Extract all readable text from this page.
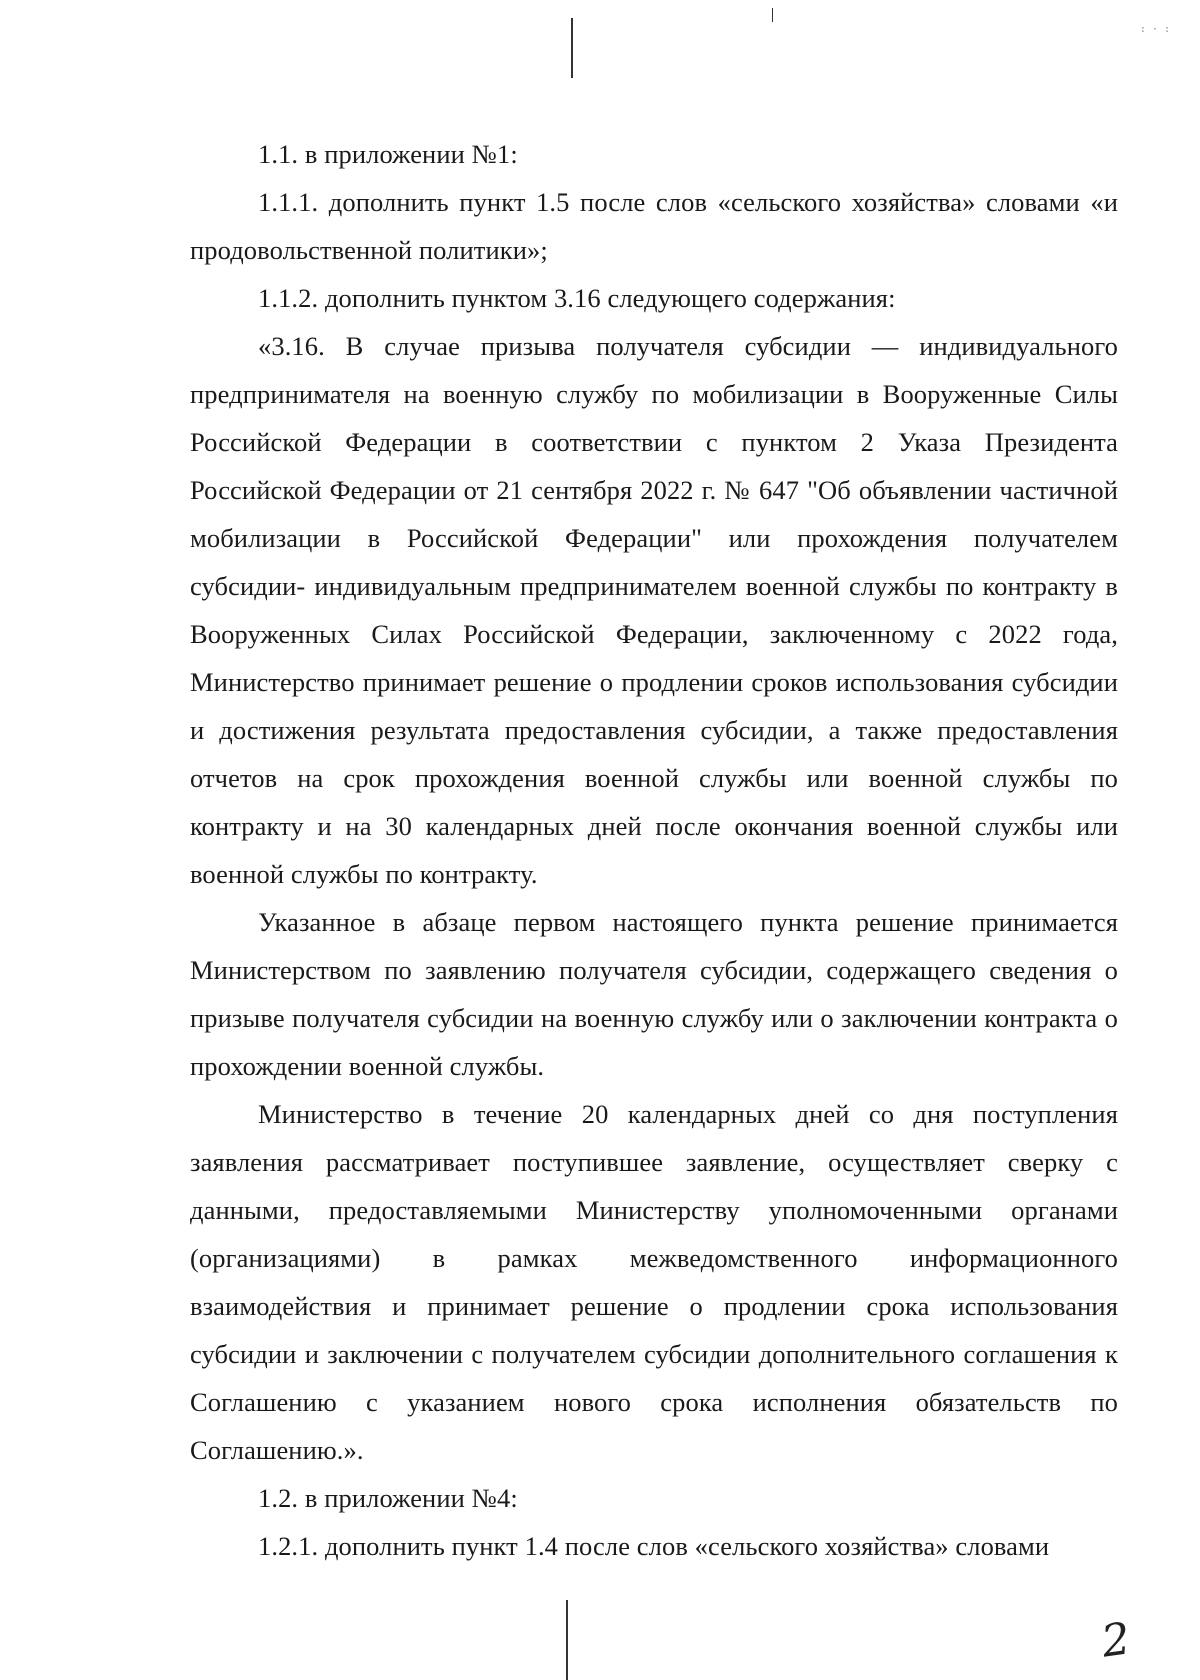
: · :

1.1. в приложении №1:

1.1.1. дополнить пункт 1.5 после слов «сельского хозяйства» словами «и продовольственной политики»;

1.1.2. дополнить пунктом 3.16 следующего содержания:

«3.16. В случае призыва получателя субсидии — индивидуального предпринимателя на военную службу по мобилизации в Вооруженные Силы Российской Федерации в соответствии с пунктом 2 Указа Президента Российской Федерации от 21 сентября 2022 г. № 647 "Об объявлении частичной мобилизации в Российской Федерации" или прохождения получателем субсидии- индивидуальным предпринимателем военной службы по контракту в Вооруженных Силах Российской Федерации, заключенному с 2022 года, Министерство принимает решение о продлении сроков использования субсидии и достижения результата предоставления субсидии, а также предоставления отчетов на срок прохождения военной службы или военной службы по контракту и на 30 календарных дней после окончания военной службы или военной службы по контракту.

Указанное в абзаце первом настоящего пункта решение принимается Министерством по заявлению получателя субсидии, содержащего сведения о призыве получателя субсидии на военную службу или о заключении контракта о прохождении военной службы.

Министерство в течение 20 календарных дней со дня поступления заявления рассматривает поступившее заявление, осуществляет сверку с данными, предоставляемыми Министерству уполномоченными органами (организациями) в рамках межведомственного информационного взаимодействия и принимает решение о продлении срока использования субсидии и заключении с получателем субсидии дополнительного соглашения к Соглашению с указанием нового срока исполнения обязательств по Соглашению.».

1.2. в приложении №4:

1.2.1. дополнить пункт 1.4 после слов «сельского хозяйства» словами

2
